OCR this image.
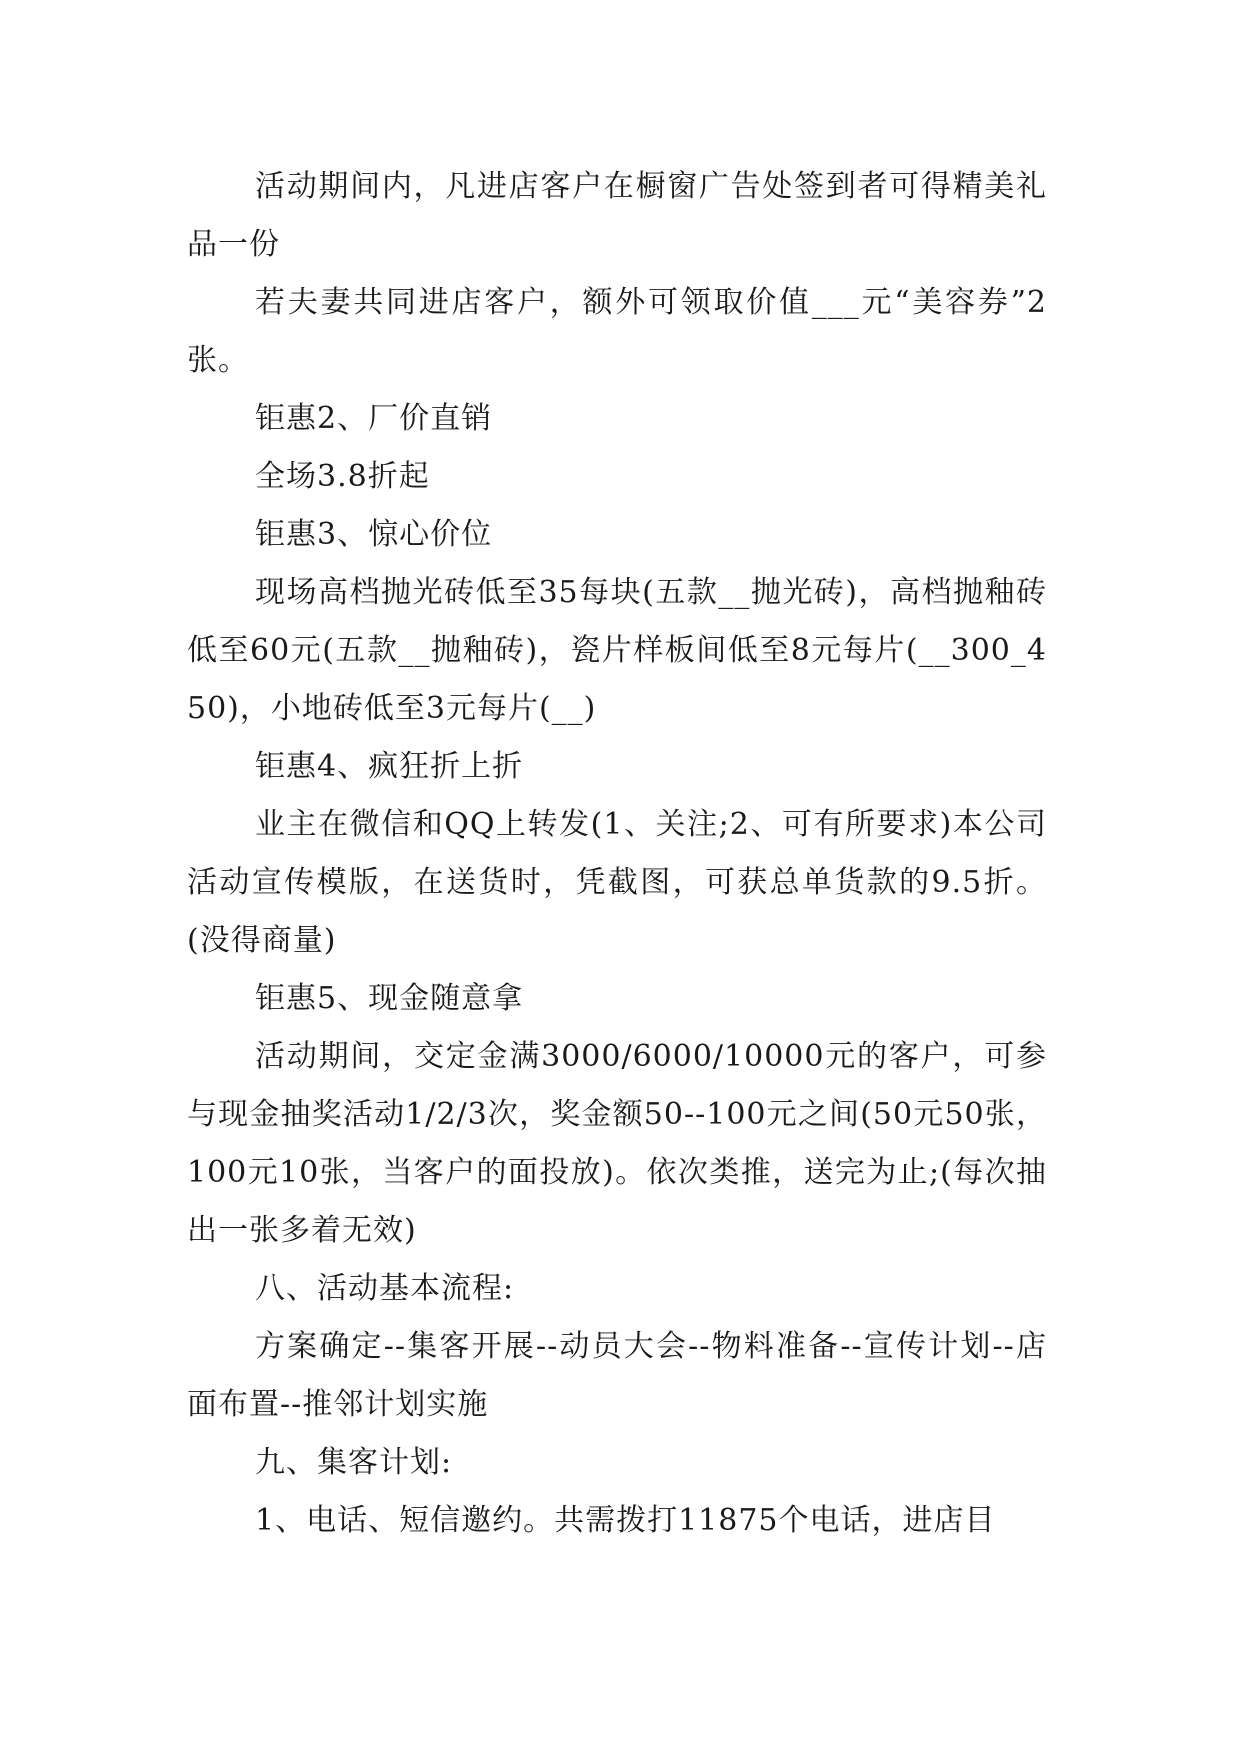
活动期间内，凡进店客户在橱窗广告处签到者可得精美礼品一份

若夫妻共同进店客户，额外可领取价值___元“美容券”2张。

钜惠2、厂价直销

全场3.8折起

钜惠3、惊心价位

现场高档抛光砖低至35每块(五款__抛光砖)，高档抛釉砖低至60元(五款__抛釉砖)，瓷片样板间低至8元每片(__300_450)，小地砖低至3元每片(__)

钜惠4、疯狂折上折

业主在微信和QQ上转发(1、关注;2、可有所要求)本公司活动宣传模版，在送货时，凭截图，可获总单货款的9.5折。(没得商量)

钜惠5、现金随意拿

活动期间，交定金满3000/6000/10000元的客户，可参与现金抽奖活动1/2/3次，奖金额50--100元之间(50元50张，100元10张，当客户的面投放)。依次类推，送完为止;(每次抽出一张多着无效)

八、活动基本流程:

方案确定--集客开展--动员大会--物料准备--宣传计划--店面布置--推邻计划实施

九、集客计划:

1、电话、短信邀约。共需拨打11875个电话，进店目
